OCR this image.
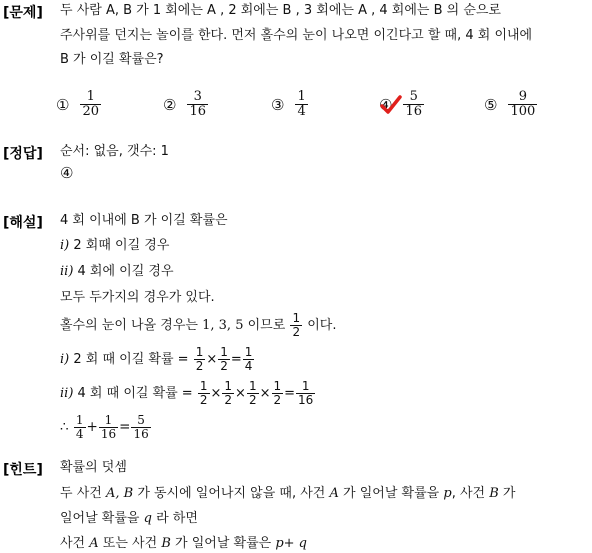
[문제] 두 사람 A, B 가 1 회에는 A , 2 회에는 B , 3 회에는 A , 4 회에는 B 의 순으로
주사위를 던지는 놀이를 한다. 먼저 홀수의 눈이 나오면 이긴다고 할 때, 4 회 이내에
B 가 이길 확률은?
① $\frac{1}{20}$	② $\frac{3}{16}$	③ $\frac{1}{4}$	④ $\frac{5}{16}$	⑤ $\frac{9}{100}$
[정답] 순서: 없음, 갯수: 1
④
[해설] 4 회 이내에 B 가 이길 확률은
i) 2 회때 이길 경우
ii) 4 회에 이길 경우
모두 두가지의 경우가 있다.
홀수의 눈이 나올 경우는 1, 3, 5 이므로 $\frac{1}{2}$ 이다.
i) 2 회 때 이길 확률 = $\frac{1}{2} \times \frac{1}{2} = \frac{1}{4}$
ii) 4 회 때 이길 확률 = $\frac{1}{2} \times \frac{1}{2} \times \frac{1}{2} \times \frac{1}{2} = \frac{1}{16}$
∴ $\frac{1}{4} + \frac{1}{16} = \frac{5}{16}$
[힌트] 확률의 덧셈
두 사건 A, B 가 동시에 일어나지 않을 때, 사건 A 가 일어날 확률을 p, 사건 B 가
일어날 확률을 q 라 하면
사건 A 또는 사건 B 가 일어날 확률은 p+ q
